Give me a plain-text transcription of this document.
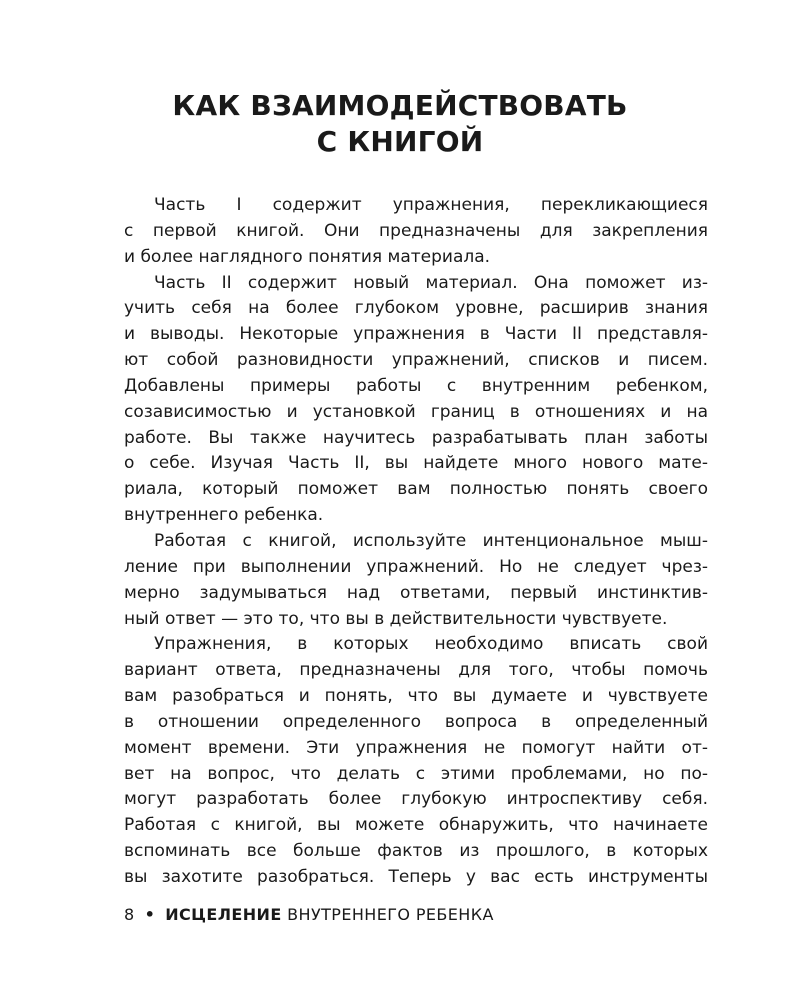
КАК ВЗАИМОДЕЙСТВОВАТЬ
С КНИГОЙ
Часть I содержит упражнения, перекликающиеся
с первой книгой. Они предназначены для закрепления
и более наглядного понятия материала.
Часть II содержит новый материал. Она поможет из-
учить себя на более глубоком уровне, расширив знания
и выводы. Некоторые упражнения в Части II представля-
ют собой разновидности упражнений, списков и писем.
Добавлены примеры работы с внутренним ребенком,
созависимостью и установкой границ в отношениях и на
работе. Вы также научитесь разрабатывать план заботы
о себе. Изучая Часть II, вы найдете много нового мате-
риала, который поможет вам полностью понять своего
внутреннего ребенка.
Работая с книгой, используйте интенциональное мыш-
ление при выполнении упражнений. Но не следует чрез-
мерно задумываться над ответами, первый инстинктив-
ный ответ — это то, что вы в действительности чувствуете.
Упражнения, в которых необходимо вписать свой
вариант ответа, предназначены для того, чтобы помочь
вам разобраться и понять, что вы думаете и чувствуете
в отношении определенного вопроса в определенный
момент времени. Эти упражнения не помогут найти от-
вет на вопрос, что делать с этими проблемами, но по-
могут разработать более глубокую интроспективу себя.
Работая с книгой, вы можете обнаружить, что начинаете
вспоминать все больше фактов из прошлого, в которых
вы захотите разобраться. Теперь у вас есть инструменты
8 • ИСЦЕЛЕНИЕ ВНУТРЕННЕГО РЕБЕНКА
